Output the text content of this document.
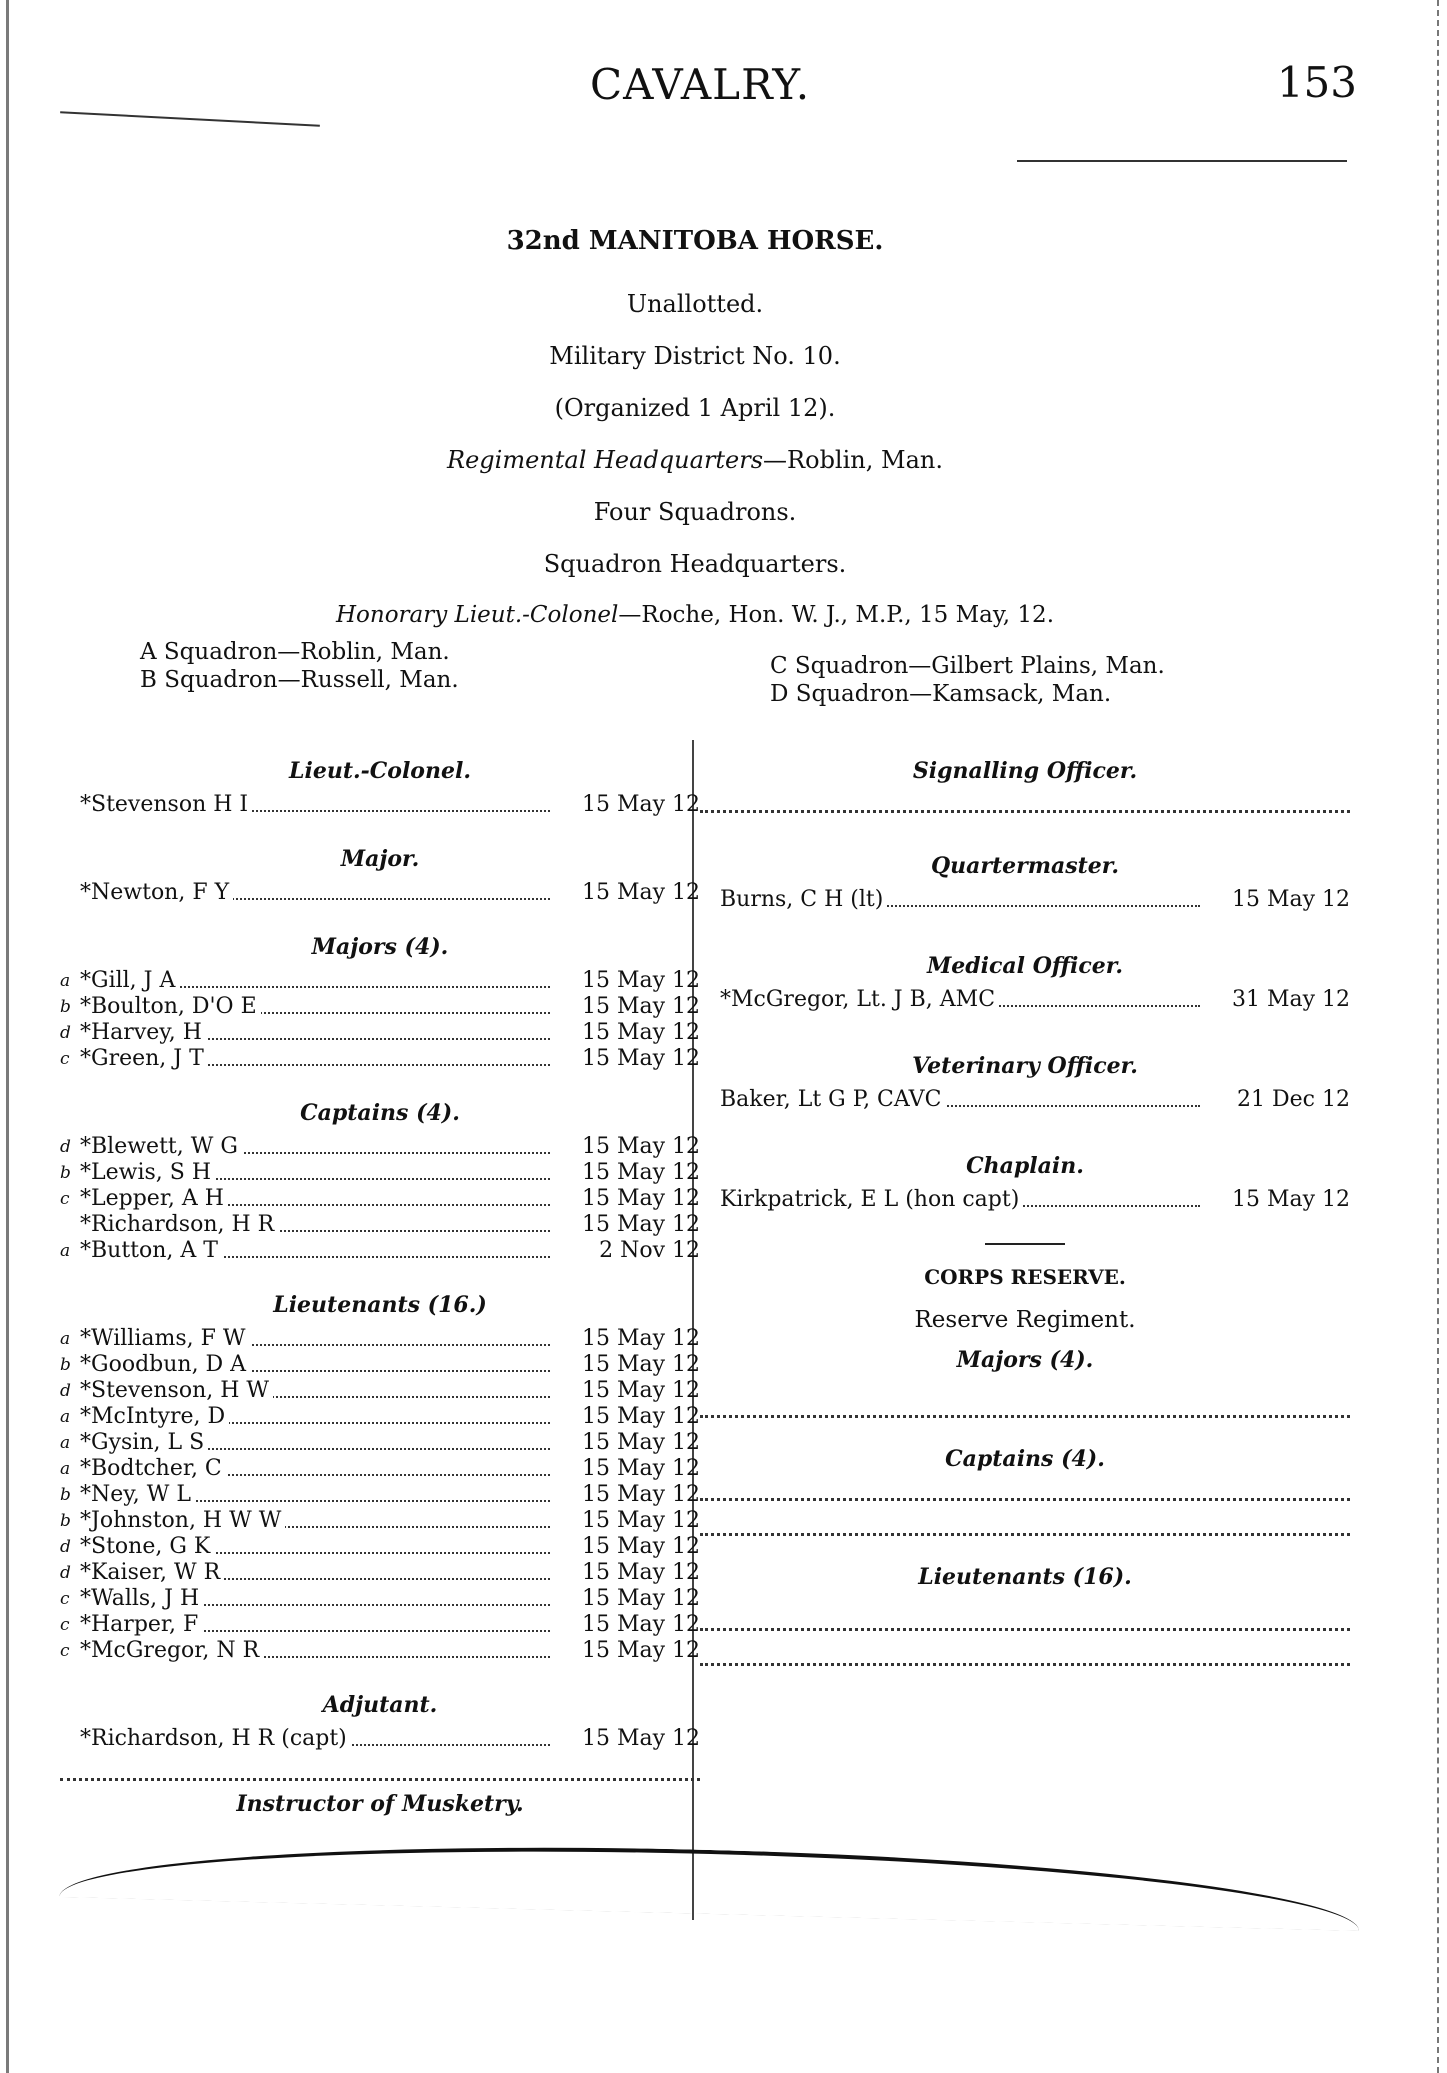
CAVALRY.	153
32nd MANITOBA HORSE.
Unallotted.
Military District No. 10.
(Organized 1 April 12).
Regimental Headquarters—Roblin, Man.
Four Squadrons.
Squadron Headquarters.
Honorary Lieut.-Colonel—Roche, Hon. W. J., M.P., 15 May, 12.
A Squadron—Roblin, Man.
B Squadron—Russell, Man.
C Squadron—Gilbert Plains, Man.
D Squadron—Kamsack, Man.
Lieut.-Colonel.
*Stevenson H I	15 May 12
Major.
*Newton, F Y	15 May 12
Majors (4).
a *Gill, J A	15 May 12
b *Boulton, D'O E	15 May 12
d *Harvey, H	15 May 12
c *Green, J T	15 May 12
Captains (4).
d *Blewett, W G	15 May 12
b *Lewis, S H	15 May 12
c *Lepper, A H	15 May 12
*Richardson, H R	15 May 12
a *Button, A T	2 Nov 12
Lieutenants (16.)
a *Williams, F W	15 May 12
b *Goodbun, D A	15 May 12
d *Stevenson, H W	15 May 12
a *McIntyre, D	15 May 12
a *Gysin, L S	15 May 12
a *Bodtcher, C	15 May 12
b *Ney, W L	15 May 12
b *Johnston, H W W	15 May 12
d *Stone, G K	15 May 12
d *Kaiser, W R	15 May 12
c *Walls, J H	15 May 12
c *Harper, F	15 May 12
c *McGregor, N R	15 May 12
Adjutant.
*Richardson, H R (capt)	15 May 12
Instructor of Musketry.
Signalling Officer.
Quartermaster.
Burns, C H (lt)	15 May 12
Medical Officer.
*McGregor, Lt. J B, AMC	31 May 12
Veterinary Officer.
Baker, Lt G P, CAVC	21 Dec 12
Chaplain.
Kirkpatrick, E L (hon capt)	15 May 12
CORPS RESERVE.
Reserve Regiment.
Majors (4).
Captains (4).
Lieutenants (16).
